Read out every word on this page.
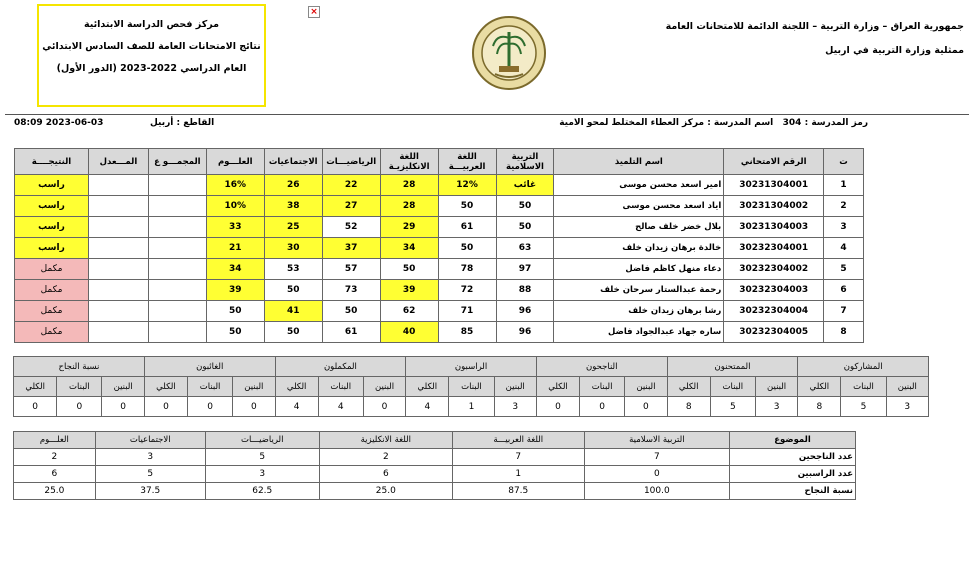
جمهورية العراق – وزارة التربية – اللجنة الدائمة للامتحانات العامة
ممثلية وزارة التربية في اربيل
×
مركز فحص الدراسة الابتدائية
نتائج الامتحانات العامة للصف السادس الابتدائي
العام الدراسي 2022-2023 (الدور الأول)
رمز المدرسة : 304   اسم المدرسة : مركز العطاء المختلط لمحو الامية
القاطع : أربيل
08:09 2023-06-03
ت	الرقم الامتحاني	اسم التلميذ	التربية الاسلامية	اللغة العربيـــة	اللغة الانكليزيـة	الرياضيـــات	الاجتماعيات	العلـــوم	المجمـــو ع	المـــعدل	النتيجــــة
1	30231304001	امير اسعد محسن موسى	غائب	12%	28	22	26	16%			راسب
2	30231304002	اياد اسعد محسن موسى	50	50	28	27	38	10%			راسب
3	30231304003	بلال خضر خلف صالح	50	61	29	52	25	33			راسب
4	30232304001	خالدة برهان زيدان خلف	63	50	34	37	30	21			راسب
5	30232304002	دعاء منهل كاظم فاضل	97	78	50	57	53	34			مكمل
6	30232304003	رحمة عبدالستار سرحان خلف	88	72	39	73	50	39			مكمل
7	30232304004	رشا برهان زيدان خلف	96	71	62	50	41	50			مكمل
8	30232304005	ساره جهاد عبدالجواد فاضل	96	85	40	61	50	50			مكمل
المشاركون			الممتحنون			الناجحون			الراسبون			المكملون			الغائبون			نسبة النجاح		
البنين	البنات	الكلي	البنين	البنات	الكلي	البنين	البنات	الكلي	البنين	البنات	الكلي	البنين	البنات	الكلي	البنين	البنات	الكلي	البنين	البنات	الكلي
3	5	8	3	5	8	0	0	0	3	1	4	0	4	4	0	0	0	0	0	0
الموضوع	التربية الاسلامية	اللغة العربيـــة	اللغة الانكليزية	الرياضيـــات	الاجتماعيات	العلـــوم
عدد الناجحين	7	7	2	5	3	2
عدد الراسبين	0	1	6	3	5	6
نسبة النجاح	100.0	87.5	25.0	62.5	37.5	25.0
